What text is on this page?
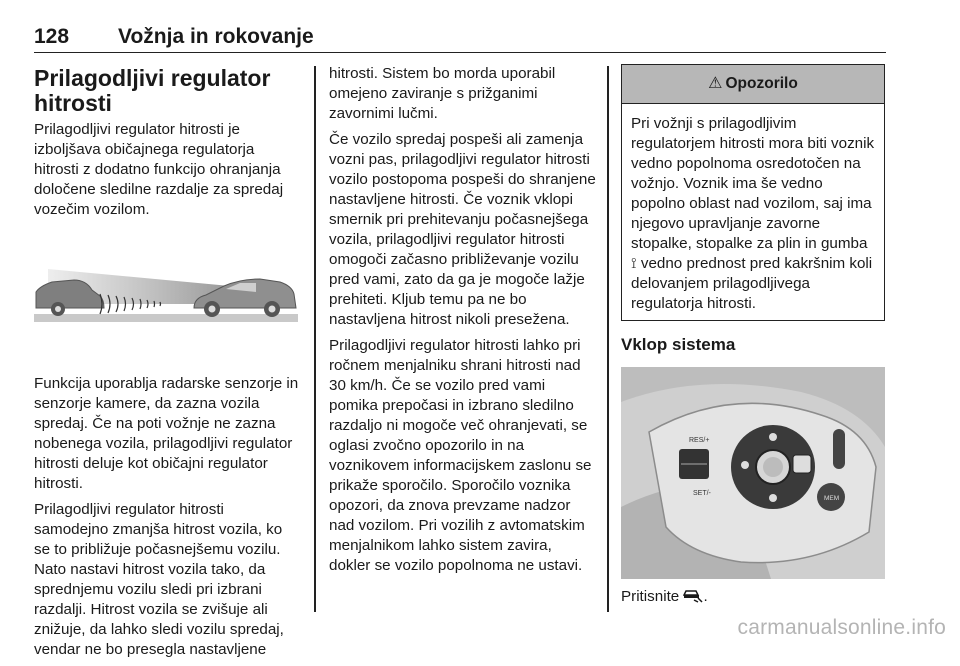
128 Vožnja in rokovanje
Prilagodljivi regulator hitrosti

Prilagodljivi regulator hitrosti je izboljšava običajnega regulatorja hitrosti z dodatno funkcijo ohranjanja določene sledilne razdalje za spredaj vozečim vozilom.

Funkcija uporablja radarske senzorje in senzorje kamere, da zazna vozila spredaj. Če na poti vožnje ne zazna nobenega vozila, prilagodljivi regulator hitrosti deluje kot običajni regulator hitrosti.

Prilagodljivi regulator hitrosti samodejno zmanjša hitrost vozila, ko se to približuje počasnejšemu vozilu. Nato nastavi hitrost vozila tako, da sprednjemu vozilu sledi pri izbrani razdalji. Hitrost vozila se zvišuje ali znižuje, da lahko sledi vozilu spredaj, vendar ne bo presegla nastavljene

hitrosti. Sistem bo morda uporabil omejeno zaviranje s prižganimi zavornimi lučmi.

Če vozilo spredaj pospeši ali zamenja vozni pas, prilagodljivi regulator hitrosti vozilo postopoma pospeši do shranjene nastavljene hitrosti. Če voznik vklopi smernik pri prehitevanju počasnejšega vozila, prilagodljivi regulator hitrosti omogoči začasno približevanje vozilu pred vami, zato da ga je mogoče lažje prehiteti. Kljub temu pa ne bo nastavljena hitrost nikoli presežena.

Prilagodljivi regulator hitrosti lahko pri ročnem menjalniku shrani hitrosti nad 30 km/h. Če se vozilo pred vami pomika prepočasi in izbrano sledilno razdaljo ni mogoče več ohranjevati, se oglasi zvočno opozorilo in na voznikovem informacijskem zaslonu se prikaže sporočilo. Sporočilo voznika opozori, da znova prevzame nadzor nad vozilom. Pri vozilih z avtomatskim menjalnikom lahko sistem zavira, dokler se vozilo popolnoma ne ustavi.

⚠ Opozorilo
Pri vožnji s prilagodljivim regulatorjem hitrosti mora biti voznik vedno popolnoma osredotočen na vožnjo. Voznik ima še vedno popolno oblast nad vozilom, saj ima njegovo upravljanje zavorne stopalke, stopalke za plin in gumba ⟟ vedno prednost pred kakršnim koli delovanjem prilagodljivega regulatorja hitrosti.
Vklop sistema
RES/+
SET/-
MEM
Pritisnite .
carmanualsonline.info
